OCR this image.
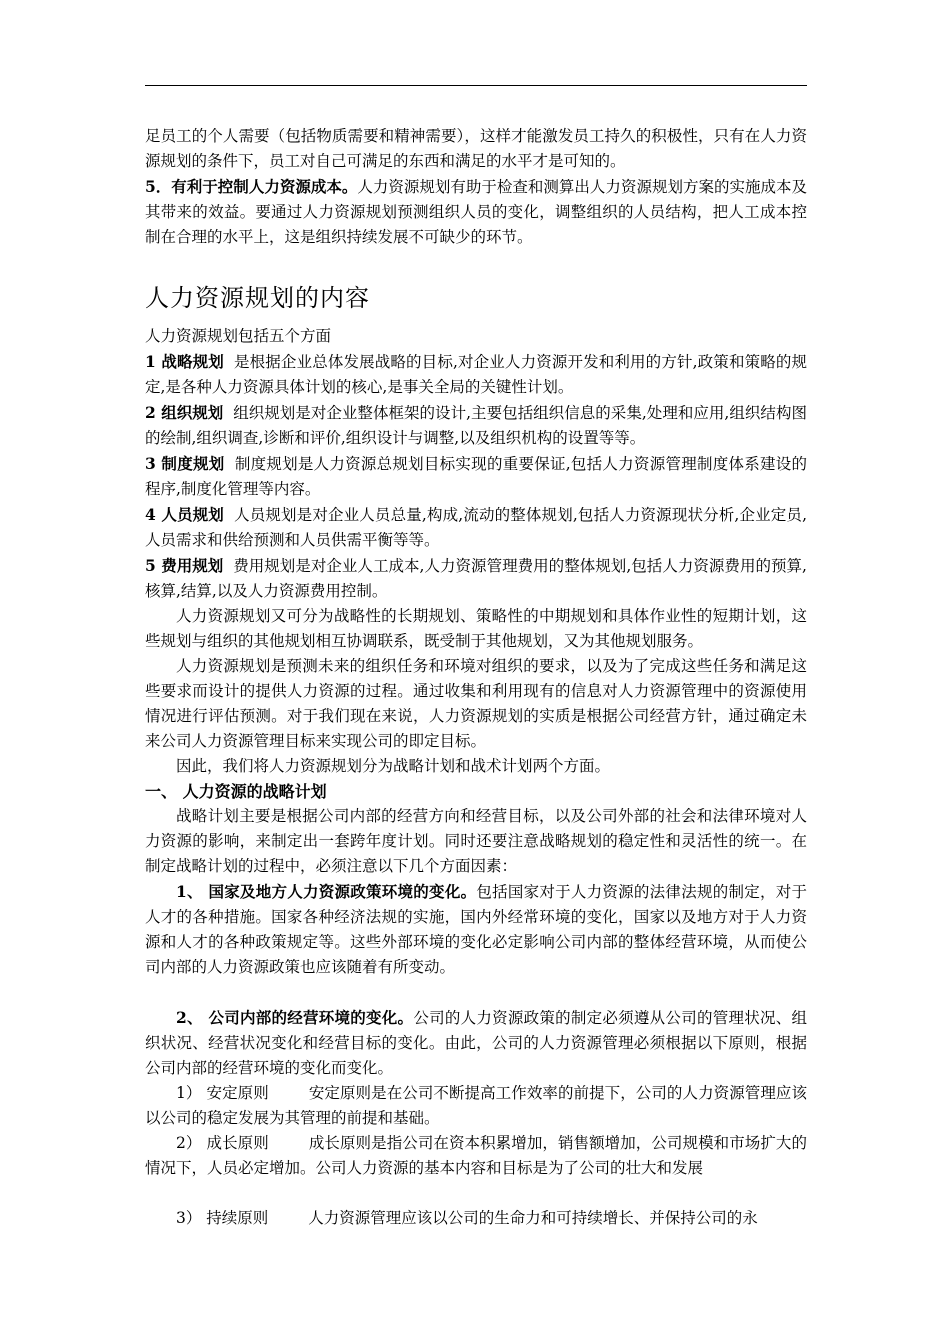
足员工的个人需要（包括物质需要和精神需要），这样才能激发员工持久的积极性，只有在人力资源规划的条件下，员工对自己可满足的东西和满足的水平才是可知的。

5．有利于控制人力资源成本。人力资源规划有助于检查和测算出人力资源规划方案的实施成本及其带来的效益。要通过人力资源规划预测组织人员的变化，调整组织的人员结构，把人工成本控制在合理的水平上，这是组织持续发展不可缺少的环节。

人力资源规划的内容

人力资源规划包括五个方面

1 战略规划 是根据企业总体发展战略的目标,对企业人力资源开发和利用的方针,政策和策略的规定,是各种人力资源具体计划的核心,是事关全局的关键性计划。

2 组织规划 组织规划是对企业整体框架的设计,主要包括组织信息的采集,处理和应用,组织结构图的绘制,组织调查,诊断和评价,组织设计与调整,以及组织机构的设置等等。

3 制度规划 制度规划是人力资源总规划目标实现的重要保证,包括人力资源管理制度体系建设的程序,制度化管理等内容。

4 人员规划 人员规划是对企业人员总量,构成,流动的整体规划,包括人力资源现状分析,企业定员,人员需求和供给预测和人员供需平衡等等。

5 费用规划 费用规划是对企业人工成本,人力资源管理费用的整体规划,包括人力资源费用的预算,核算,结算,以及人力资源费用控制。

人力资源规划又可分为战略性的长期规划、策略性的中期规划和具体作业性的短期计划，这些规划与组织的其他规划相互协调联系，既受制于其他规划，又为其他规划服务。

人力资源规划是预测未来的组织任务和环境对组织的要求，以及为了完成这些任务和满足这些要求而设计的提供人力资源的过程。通过收集和利用现有的信息对人力资源管理中的资源使用情况进行评估预测。对于我们现在来说，人力资源规划的实质是根据公司经营方针，通过确定未来公司人力资源管理目标来实现公司的即定目标。

因此，我们将人力资源规划分为战略计划和战术计划两个方面。

一、 人力资源的战略计划

战略计划主要是根据公司内部的经营方向和经营目标，以及公司外部的社会和法律环境对人力资源的影响，来制定出一套跨年度计划。同时还要注意战略规划的稳定性和灵活性的统一。在制定战略计划的过程中，必须注意以下几个方面因素：

1、 国家及地方人力资源政策环境的变化。包括国家对于人力资源的法律法规的制定，对于人才的各种措施。国家各种经济法规的实施，国内外经常环境的变化，国家以及地方对于人力资源和人才的各种政策规定等。这些外部环境的变化必定影响公司内部的整体经营环境，从而使公司内部的人力资源政策也应该随着有所变动。

2、 公司内部的经营环境的变化。公司的人力资源政策的制定必须遵从公司的管理状况、组织状况、经营状况变化和经营目标的变化。由此，公司的人力资源管理必须根据以下原则，根据公司内部的经营环境的变化而变化。

1） 安定原则	安定原则是在公司不断提高工作效率的前提下，公司的人力资源管理应该以公司的稳定发展为其管理的前提和基础。

2） 成长原则	成长原则是指公司在资本积累增加，销售额增加，公司规模和市场扩大的情况下，人员必定增加。公司人力资源的基本内容和目标是为了公司的壮大和发展

3） 持续原则	人力资源管理应该以公司的生命力和可持续增长、并保持公司的永
